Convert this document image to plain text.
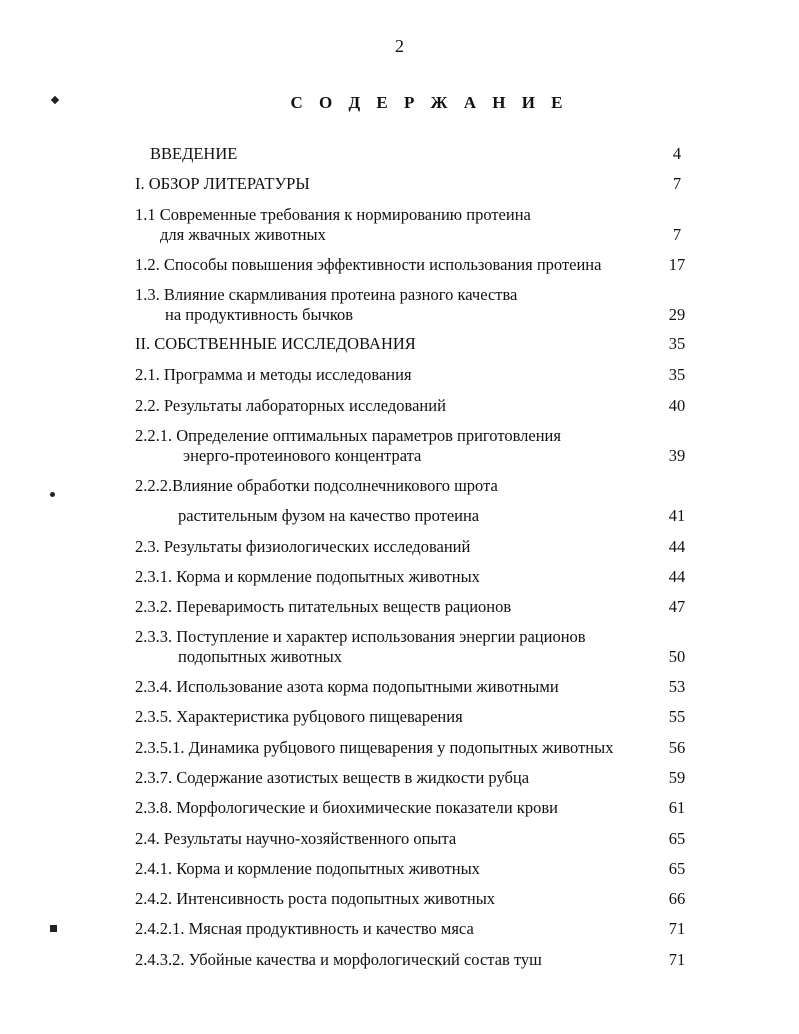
2
С О Д Е Р Ж А Н И Е
ВВЕДЕНИЕ	4
I. ОБЗОР ЛИТЕРАТУРЫ	7
1.1 Современные требования к нормированию протеина
для жвачных животных	7
1.2. Способы повышения эффективности использования протеина	17
1.3. Влияние скармливания протеина разного качества
на продуктивность бычков	29
II. СОБСТВЕННЫЕ ИССЛЕДОВАНИЯ	35
2.1. Программа и методы исследования	35
2.2. Результаты лабораторных исследований	40
2.2.1. Определение оптимальных параметров приготовления
энерго-протеинового концентрата	39
2.2.2.Влияние обработки подсолнечникового шрота
растительным фузом на качество протеина	41
2.3. Результаты физиологических исследований	44
2.3.1. Корма и кормление подопытных животных	44
2.3.2. Переваримость питательных веществ рационов	47
2.3.3. Поступление и характер использования энергии рационов
подопытных животных	50
2.3.4. Использование азота корма подопытными животными	53
2.3.5. Характеристика рубцового пищеварения	55
2.3.5.1. Динамика рубцового пищеварения у подопытных животных	56
2.3.7. Содержание азотистых веществ в жидкости рубца	59
2.3.8. Морфологические и биохимические показатели крови	61
2.4. Результаты научно-хозяйственного опыта	65
2.4.1. Корма и кормление подопытных животных	65
2.4.2. Интенсивность роста подопытных животных	66
2.4.2.1. Мясная продуктивность и качество мяса	71
2.4.3.2. Убойные качества и морфологический состав туш	71
